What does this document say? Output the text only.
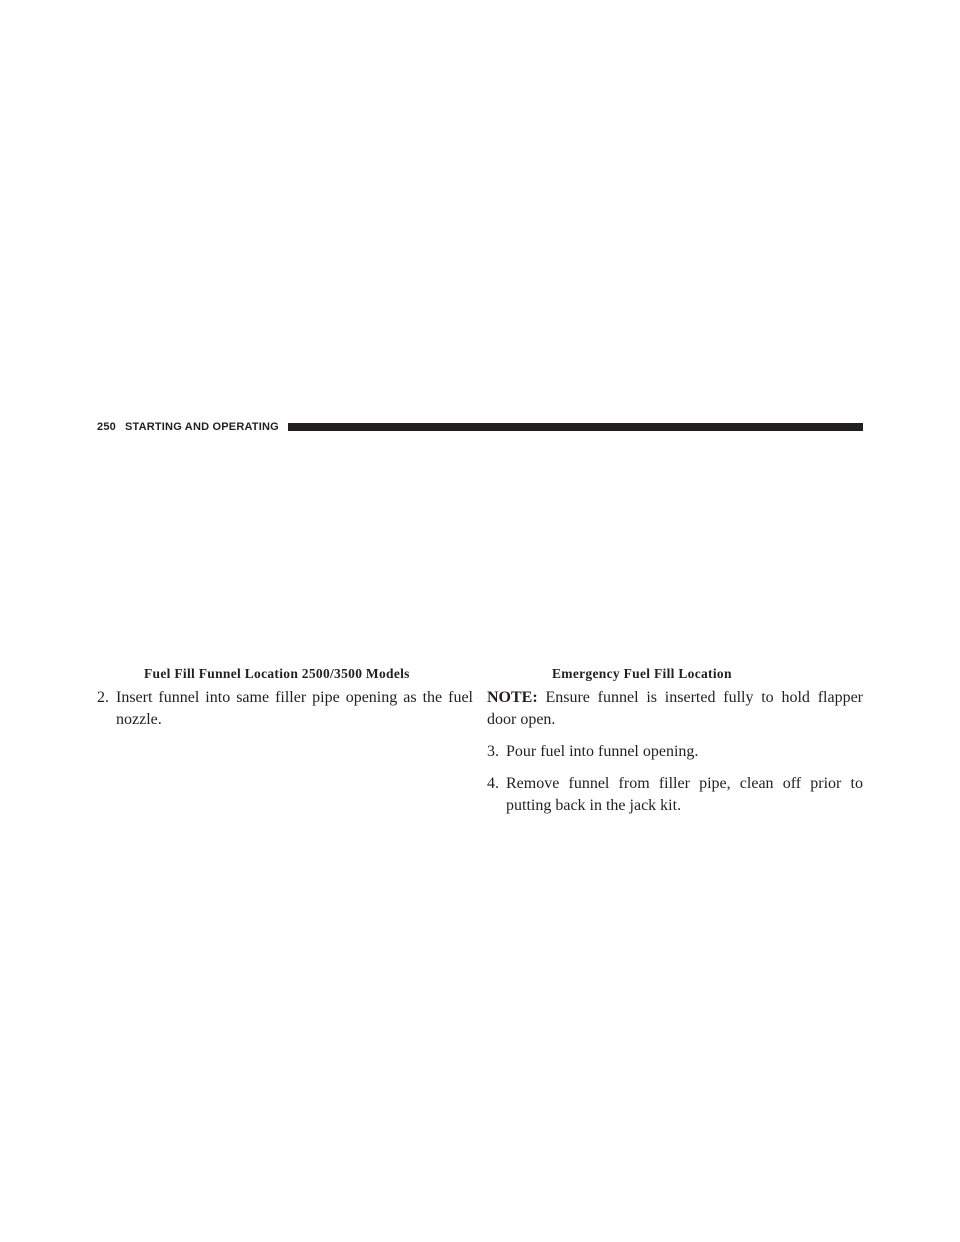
250 STARTING AND OPERATING
Fuel Fill Funnel Location 2500/3500 Models	Emergency Fuel Fill Location

2. Insert funnel into same filler pipe opening as the fuel nozzle.

NOTE: Ensure funnel is inserted fully to hold flapper door open.

3. Pour fuel into funnel opening.

4. Remove funnel from filler pipe, clean off prior to putting back in the jack kit.
